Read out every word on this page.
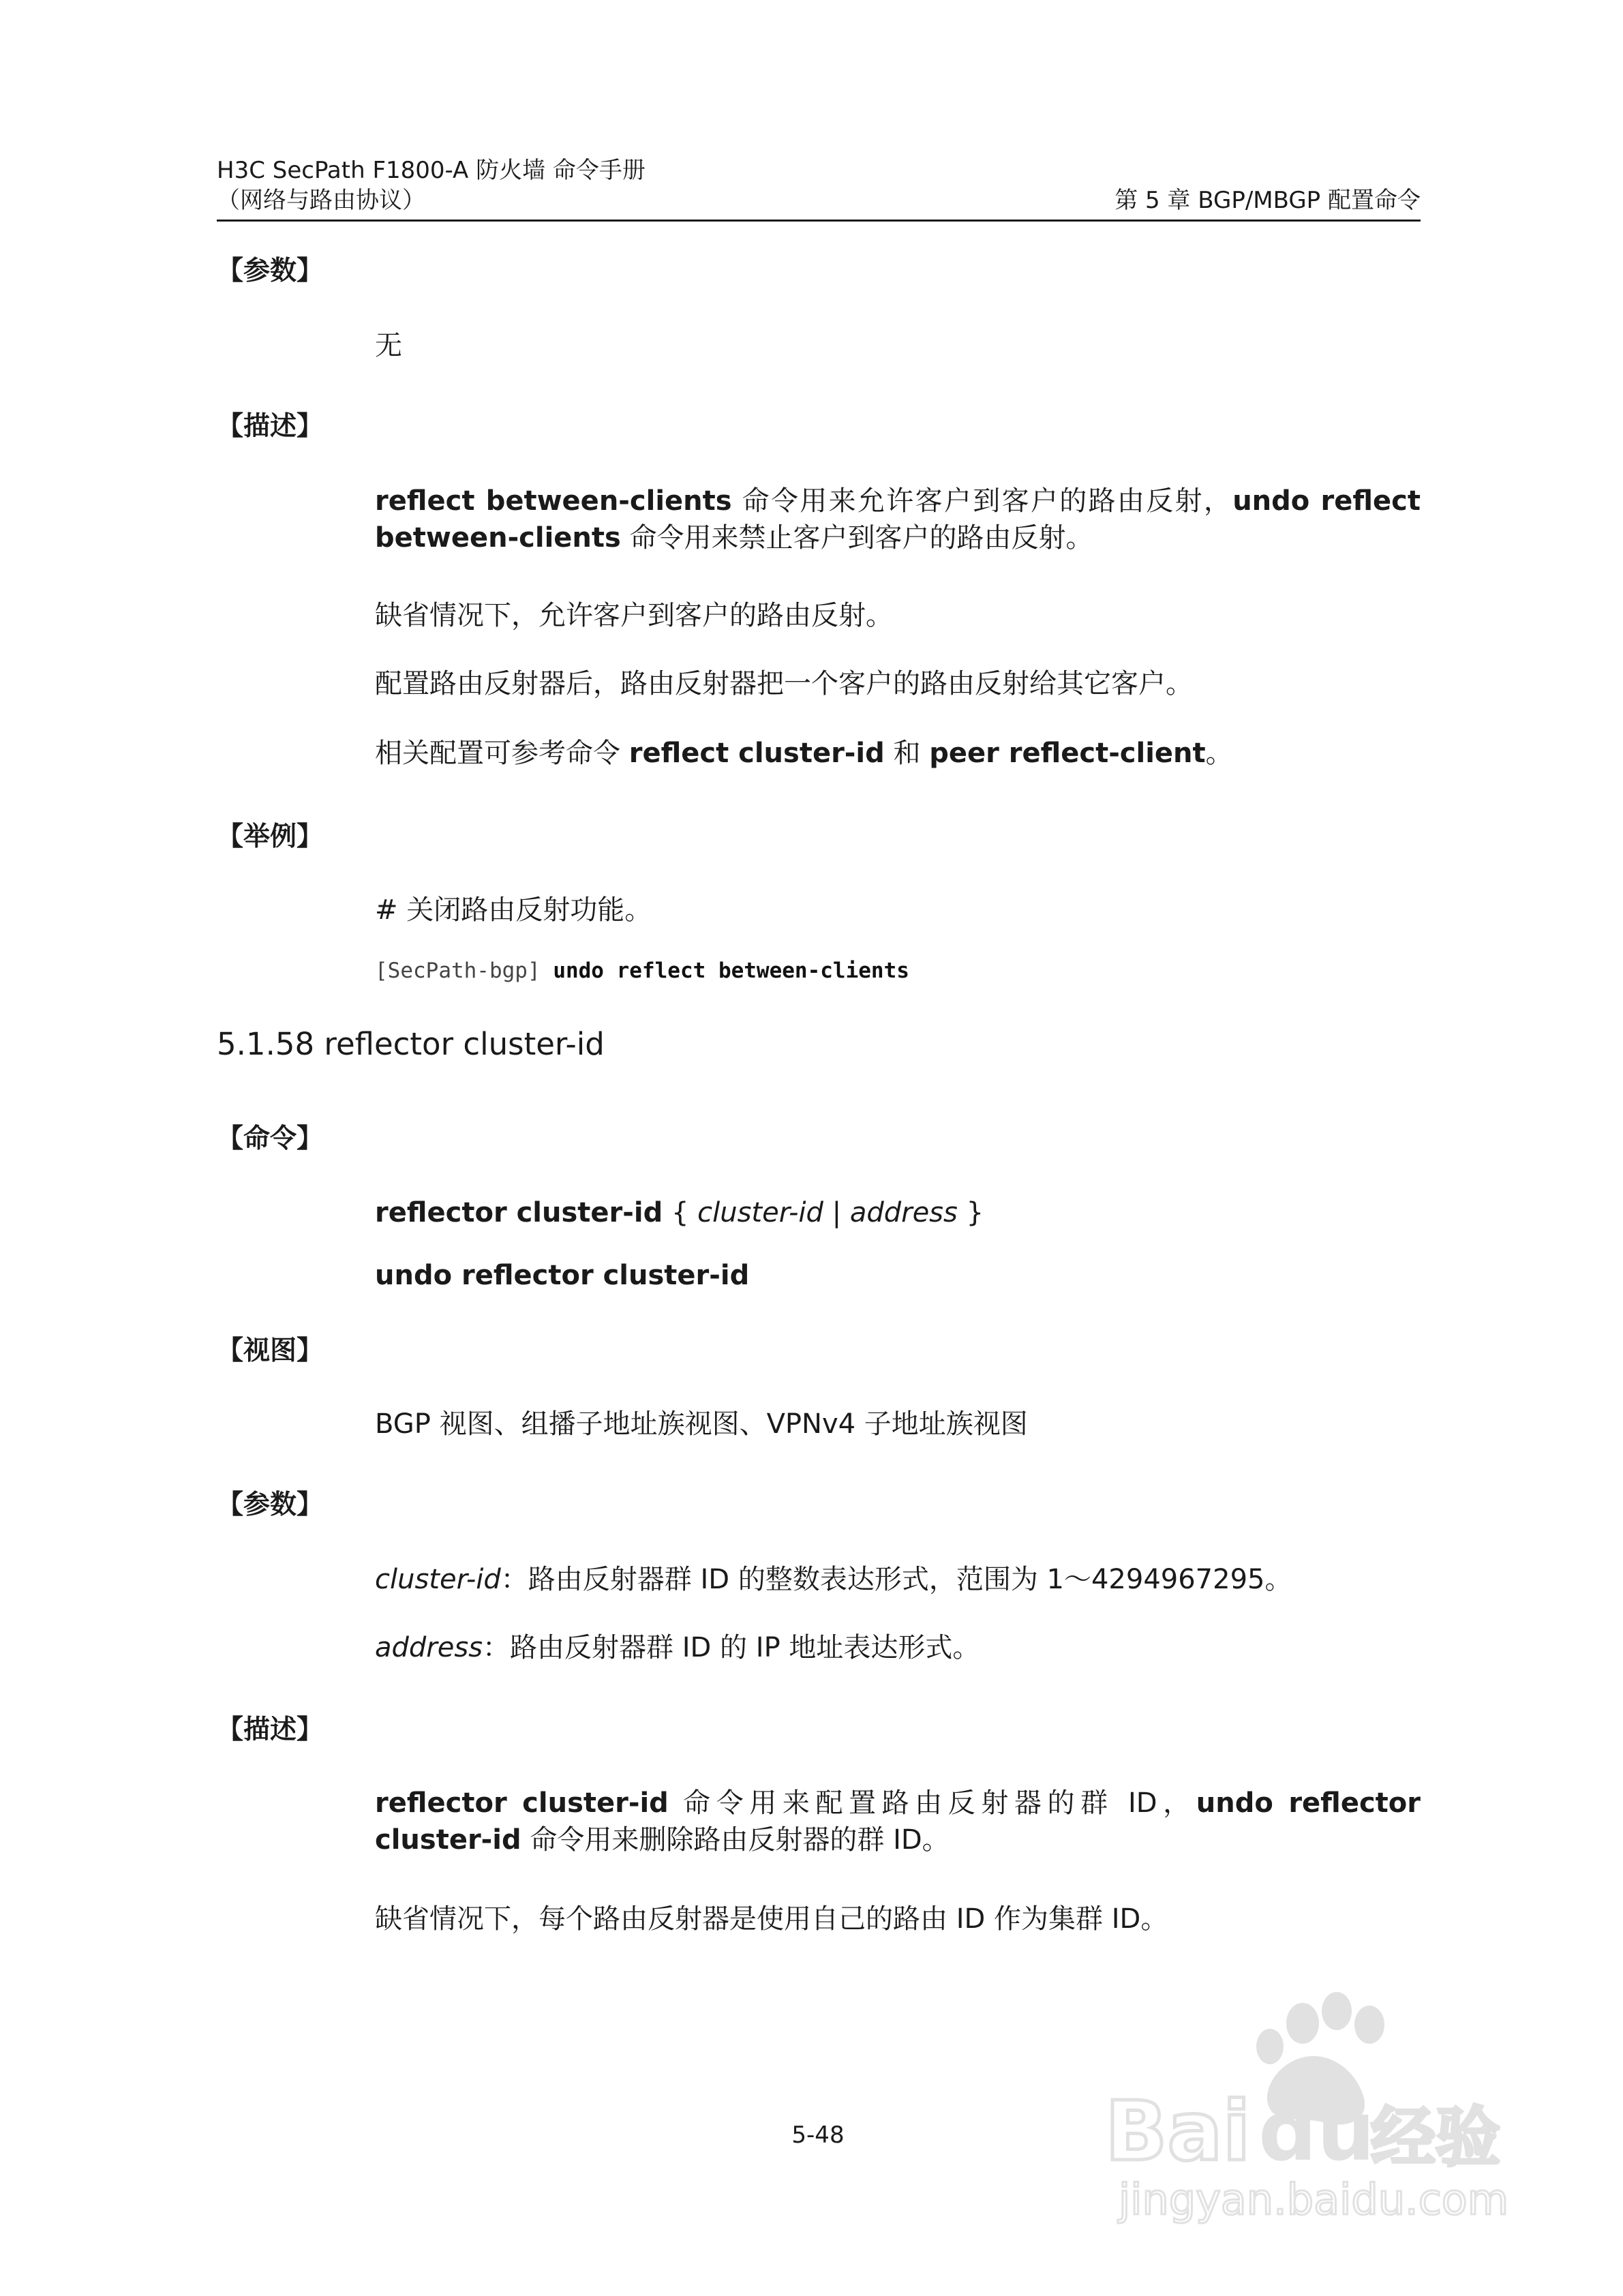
H3C SecPath F1800-A 防火墙 命令手册
（网络与路由协议）	第 5 章 BGP/MBGP 配置命令
【参数】
无
【描述】
reflect between-clients 命令用来允许客户到客户的路由反射，undo reflect between-clients 命令用来禁止客户到客户的路由反射。
缺省情况下，允许客户到客户的路由反射。
配置路由反射器后，路由反射器把一个客户的路由反射给其它客户。
相关配置可参考命令 reflect cluster-id 和 peer reflect-client。
【举例】
# 关闭路由反射功能。
[SecPath-bgp] undo reflect between-clients
5.1.58 reflector cluster-id
【命令】
reflector cluster-id { cluster-id | address }
undo reflector cluster-id
【视图】
BGP 视图、组播子地址族视图、VPNv4 子地址族视图
【参数】
cluster-id：路由反射器群 ID 的整数表达形式，范围为 1～4294967295。
address：路由反射器群 ID 的 IP 地址表达形式。
【描述】
reflector cluster-id 命令用来配置路由反射器的群 ID，undo reflector cluster-id 命令用来删除路由反射器的群 ID。
缺省情况下，每个路由反射器是使用自己的路由 ID 作为集群 ID。
5-48	Bai du
经验
jingyan.baidu.com
